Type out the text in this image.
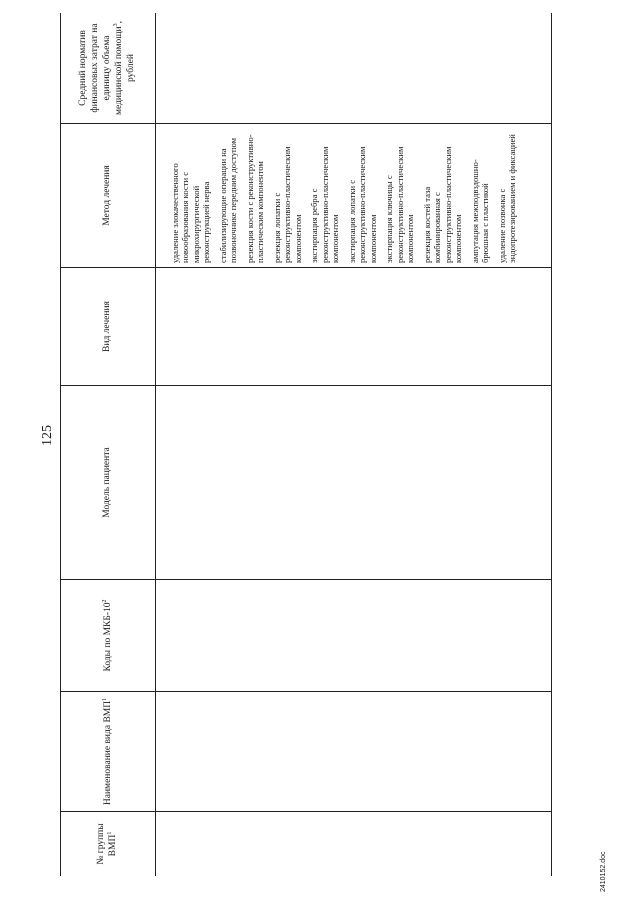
125
№ группы ВМП$^1$
Наименование вида ВМП$^1$
Коды по МКБ-$10^2$
Модель пациента
Вид лечения
Метод лечения
Средний норматив финансовых затрат на единицу объема медицинской помощи$^3$, рублей
удаление злокачественного новообразования кости с микрохирургической реконструкцией нерва стабилизирующие операции на позвоночнике передним доступом резекция кости с реконструктивно-пластическим компонентом резекция лопатки с реконструктивно-пластическим компонентом экстирпация ребра с реконструктивно-пластическим компонентом экстирпация лопатки с реконструктивно-пластическим компонентом экстирпация ключицы с реконструктивно-пластическим компонентом резекция костей таза комбинированная с реконструктивно-пластическим компонентом ампутация межподвздошно-брюшная с пластикой удаление позвонка с эндопротезированием и фиксацией
2410152.doc
